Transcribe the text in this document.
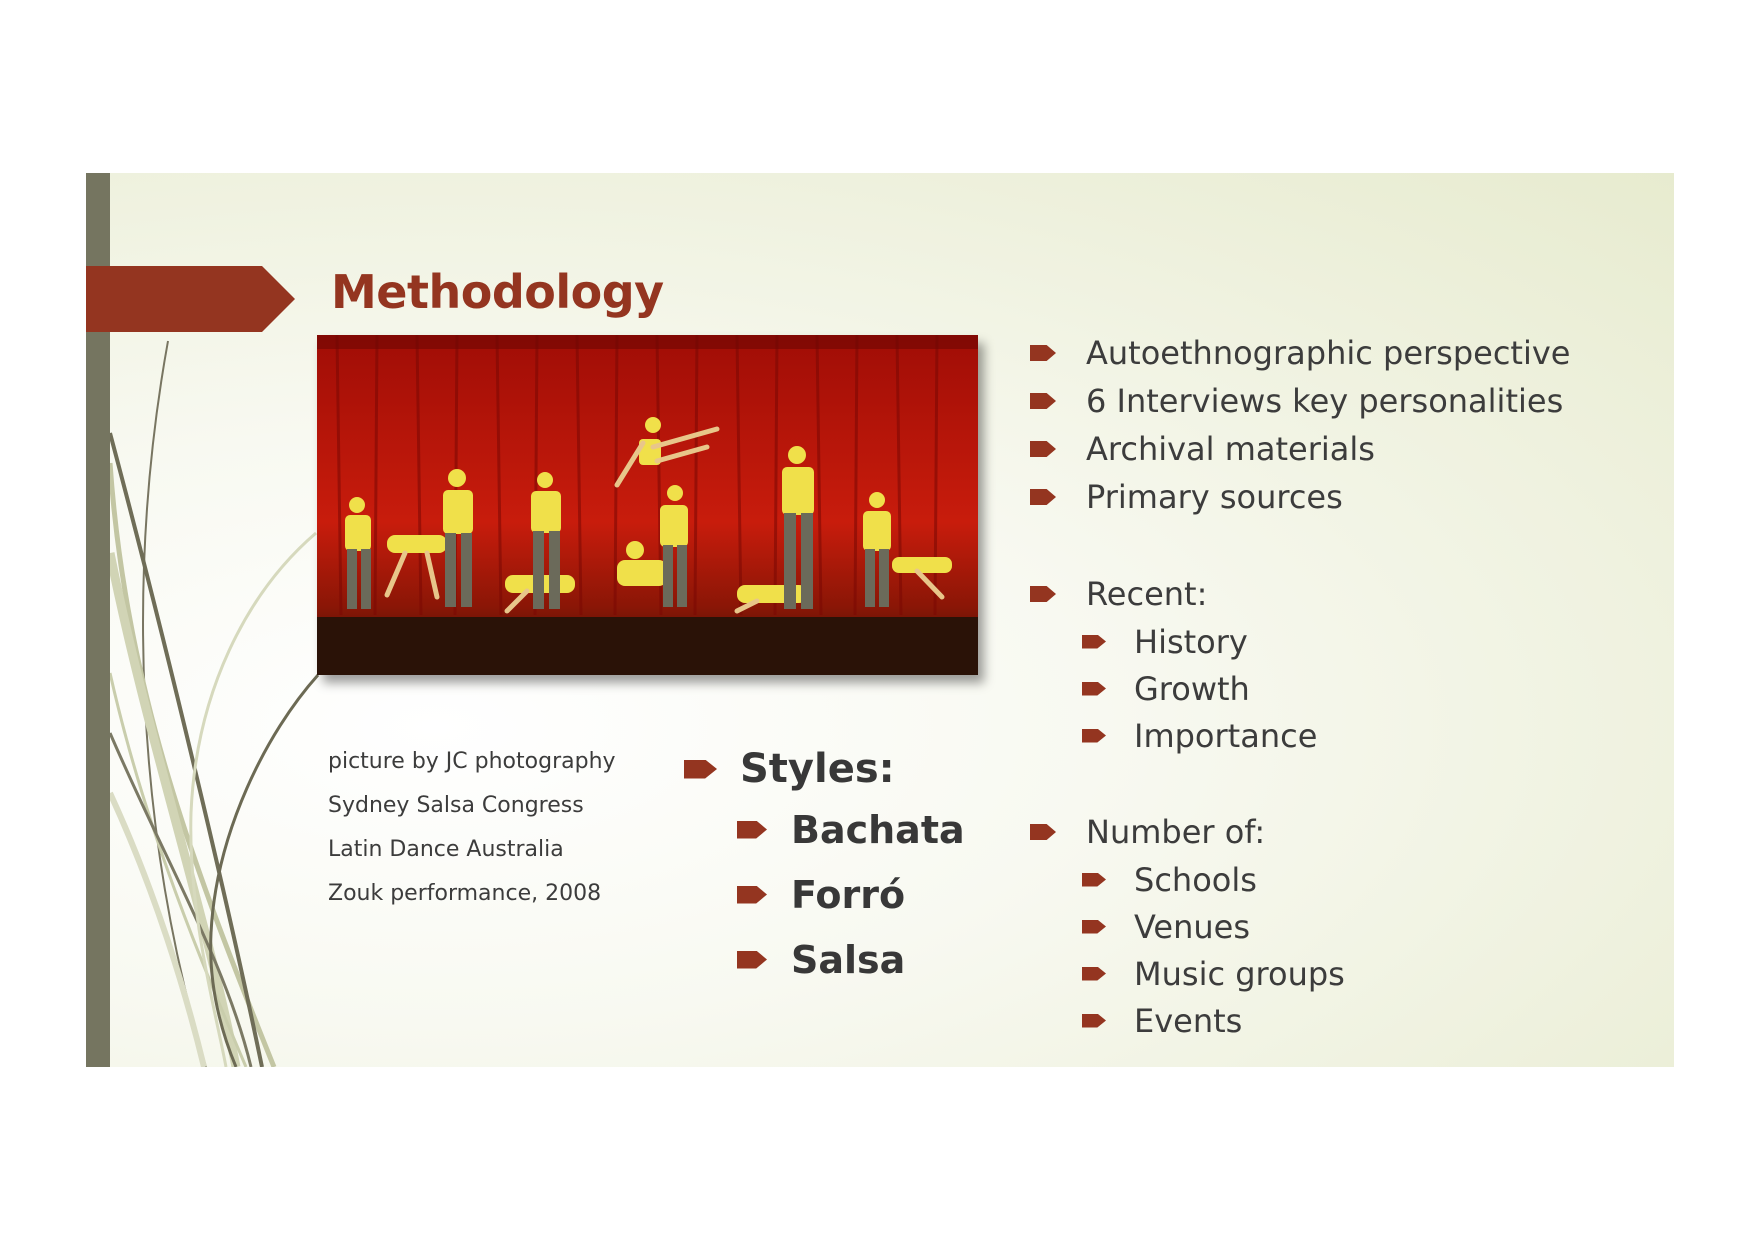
Methodology
picture by JC photography
Sydney Salsa Congress
Latin Dance Australia
Zouk performance, 2008
Styles:
Bachata
Forró
Salsa
Autoethnographic perspective
6 Interviews key personalities
Archival materials
Primary sources
Recent:
History
Growth
Importance
Number of:
Schools
Venues
Music groups
Events
